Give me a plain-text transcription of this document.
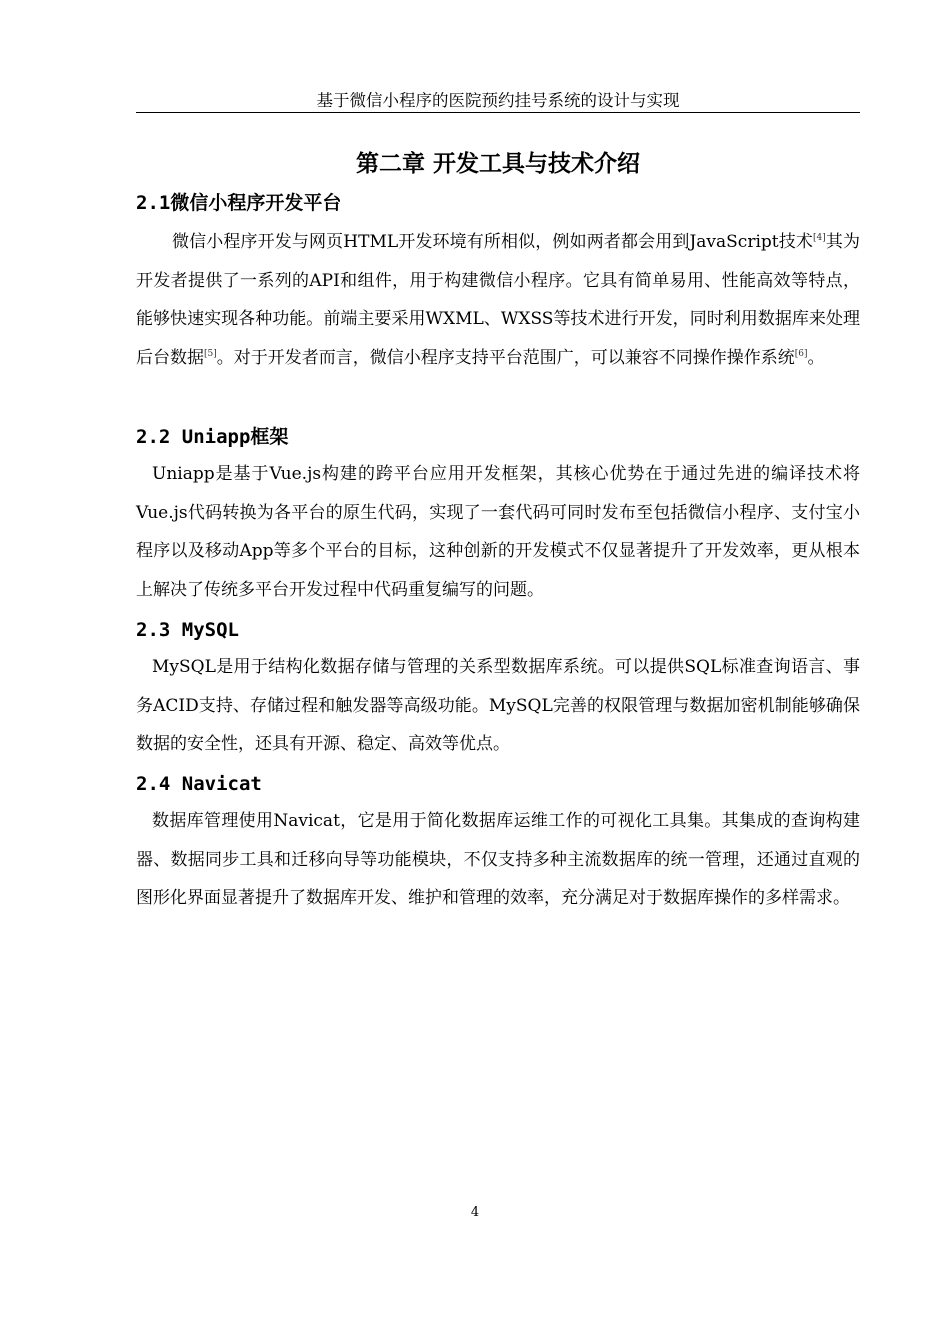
基于微信小程序的医院预约挂号系统的设计与实现
第二章 开发工具与技术介绍
2.1微信小程序开发平台

微信小程序开发与网页HTML开发环境有所相似，例如两者都会用到JavaScript技术[4]其为开发者提供了一系列的API和组件，用于构建微信小程序。它具有简单易用、性能高效等特点，能够快速实现各种功能。前端主要采用WXML、WXSS等技术进行开发，同时利用数据库来处理后台数据[5]。对于开发者而言，微信小程序支持平台范围广，可以兼容不同操作操作系统[6]。

2.2 Uniapp框架

Uniapp是基于Vue.js构建的跨平台应用开发框架，其核心优势在于通过先进的编译技术将Vue.js代码转换为各平台的原生代码，实现了一套代码可同时发布至包括微信小程序、支付宝小程序以及移动App等多个平台的目标，这种创新的开发模式不仅显著提升了开发效率，更从根本上解决了传统多平台开发过程中代码重复编写的问题。

2.3 MySQL

MySQL是用于结构化数据存储与管理的关系型数据库系统。可以提供SQL标准查询语言、事务ACID支持、存储过程和触发器等高级功能。MySQL完善的权限管理与数据加密机制能够确保数据的安全性，还具有开源、稳定、高效等优点。

2.4 Navicat

数据库管理使用Navicat，它是用于简化数据库运维工作的可视化工具集。其集成的查询构建器、数据同步工具和迁移向导等功能模块，不仅支持多种主流数据库的统一管理，还通过直观的图形化界面显著提升了数据库开发、维护和管理的效率，充分满足对于数据库操作的多样需求。

4
